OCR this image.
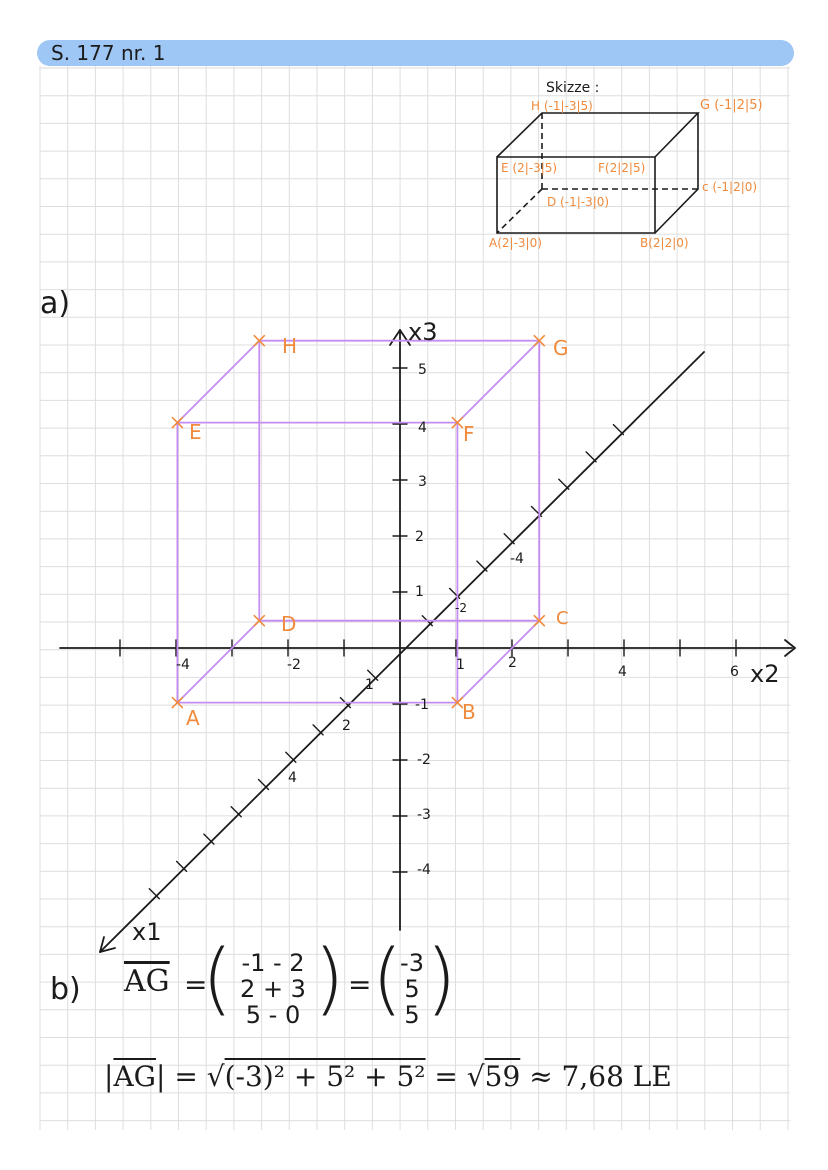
S. 177 nr. 1
Skizze :
H (-1|-3|5)	G (-1|2|5)
E (2|-3|5)	F(2|2|5)
c (-1|2|0)
D (-1|-3|0)
A(2|-3|0)	B(2|2|0)
a)
x3
x2
x1
-4	-2	1	2
4	6
5
4
3
2
1
-1
-2
-3
-4
1
2
4
-2
-4
A	B
C
D
E	F
G
H
b) $\overline{AG}$ =
( -1 - 2
2 + 3
5 - 0 ) = (
-3
5
5 )
$|\overline{AG}| = √(-3)^2 + 5^2 + 5^2 = √59 \approx 7,68$ LE
